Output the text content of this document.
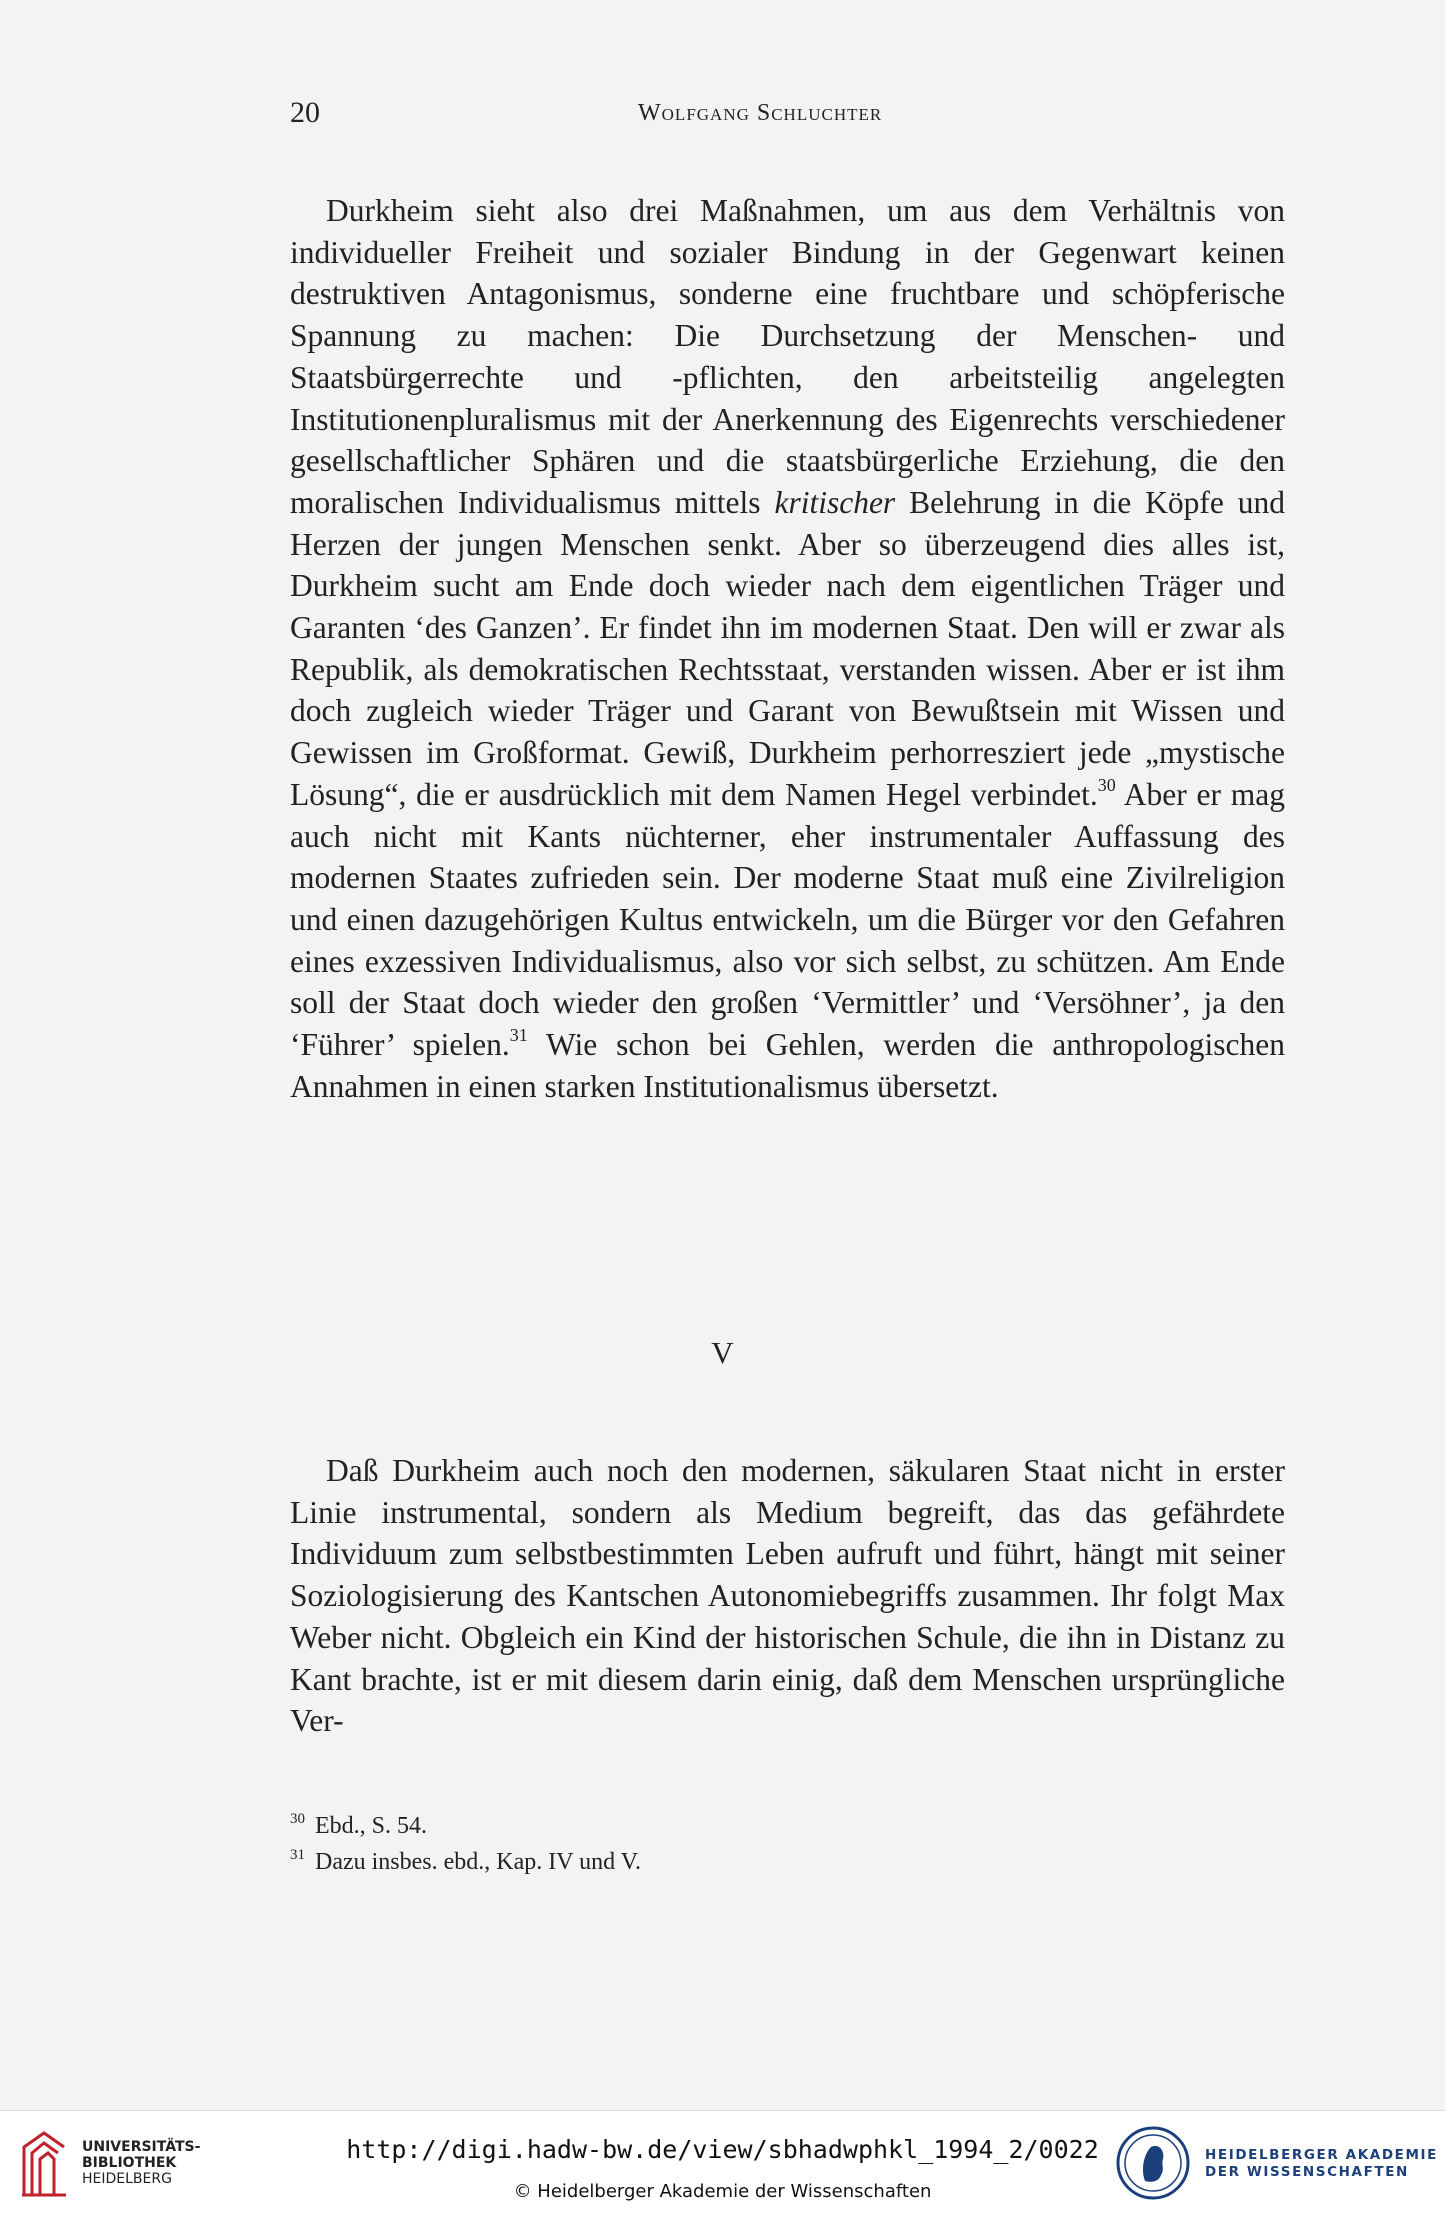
20	Wolfgang Schluchter

Durkheim sieht also drei Maßnahmen, um aus dem Verhältnis von individueller Freiheit und sozialer Bindung in der Gegenwart keinen destruktiven Antagonismus, sonderne eine fruchtbare und schöpferische Spannung zu machen: Die Durchsetzung der Menschen- und Staatsbürgerrechte und -pflichten, den arbeitsteilig angelegten Institutionenpluralismus mit der Anerkennung des Eigenrechts verschiedener gesellschaftlicher Sphären und die staatsbürgerliche Erziehung, die den moralischen Individualismus mittels kritischer Belehrung in die Köpfe und Herzen der jungen Menschen senkt. Aber so überzeugend dies alles ist, Durkheim sucht am Ende doch wieder nach dem eigentlichen Träger und Garanten ‘des Ganzen’. Er findet ihn im modernen Staat. Den will er zwar als Republik, als demokratischen Rechtsstaat, verstanden wissen. Aber er ist ihm doch zugleich wieder Träger und Garant von Bewußtsein mit Wissen und Gewissen im Großformat. Gewiß, Durkheim perhorresziert jede „mystische Lösung“, die er ausdrücklich mit dem Namen Hegel verbindet.$^{30}$ Aber er mag auch nicht mit Kants nüchterner, eher instrumentaler Auffassung des modernen Staates zufrieden sein. Der moderne Staat muß eine Zivilreligion und einen dazugehörigen Kultus entwickeln, um die Bürger vor den Gefahren eines exzessiven Individualismus, also vor sich selbst, zu schützen. Am Ende soll der Staat doch wieder den großen ‘Vermittler’ und ‘Versöhner’, ja den ‘Führer’ spielen.$^{31}$ Wie schon bei Gehlen, werden die anthropologischen Annahmen in einen starken Institutionalismus übersetzt.

V

Daß Durkheim auch noch den modernen, säkularen Staat nicht in erster Linie instrumental, sondern als Medium begreift, das das gefährdete Individuum zum selbstbestimmten Leben aufruft und führt, hängt mit seiner Soziologisierung des Kantschen Autonomiebegriffs zusammen. Ihr folgt Max Weber nicht. Obgleich ein Kind der historischen Schule, die ihn in Distanz zu Kant brachte, ist er mit diesem darin einig, daß dem Menschen ursprüngliche Ver-

$^{30}$ Ebd., S. 54.
$^{31}$ Dazu insbes. ebd., Kap. IV und V.
UNIVERSITÄTS-
BIBLIOTHEK
HEIDELBERG
http://digi.hadw-bw.de/view/sbhadwphkl_1994_2/0022
© Heidelberger Akademie der Wissenschaften
HEIDELBERGER AKADEMIE
DER WISSENSCHAFTEN
